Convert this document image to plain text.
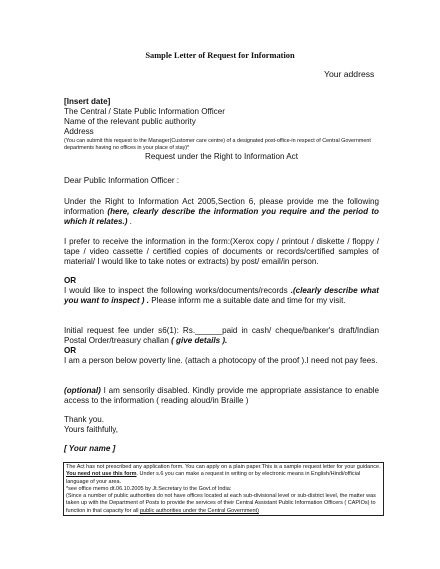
Sample Letter of Request for Information
Your address
[Insert date]
The Central / State Public Information Officer
Name of the relevant public authority
Address
(You can submit this request to the Manager(Customer care centre) of a designated post-office-in respect of Central Government departments having no offices in your place of stay)*
Request under the Right to Information Act
Dear Public Information Officer :
Under the Right to Information Act 2005,Section 6, please provide me the following information (here, clearly describe the information you require and the period to which it relates.) .
I prefer to receive the information in the form:(Xerox copy / printout / diskette / floppy / tape / video cassette / certified copies of documents or records/certified samples of material/ I would like to take notes or extracts) by post/ email/in person.
OR
I would like to inspect the following works/documents/records .(clearly describe what you want to inspect ) . Please inform me a suitable date and time for my visit.
Initial request fee under s6(1): Rs.______paid in cash/ cheque/banker's draft/Indian Postal Order/treasury challan ( give details ).
OR
I am a person below poverty line. (attach a photocopy of the proof ).I need not pay fees.
(optional) I am sensorily disabled. Kindly provide me appropriate assistance to enable access to the information ( reading aloud/in Braille )
Thank you.
Yours faithfully,
[ Your name ]
The Act has not prescribed any application form. You can apply on a plain paper.This is a sample request letter for your guidance. You need not use this form. Under s.6 you can make a request in writing or by electronic means in English/Hindi/official language of your area.
*see office memo dt.06.10.2005 by Jt.Secretary to the Govt.of India:
(Since a number of public authorities do not have offices located at each sub-divisional level or sub-district level, the matter was taken up with the Department of Posts to provide the services of their Central Assistant Public Information Officers ( CAPIOs) to function in that capacity for all public authorities under the Central Government)
